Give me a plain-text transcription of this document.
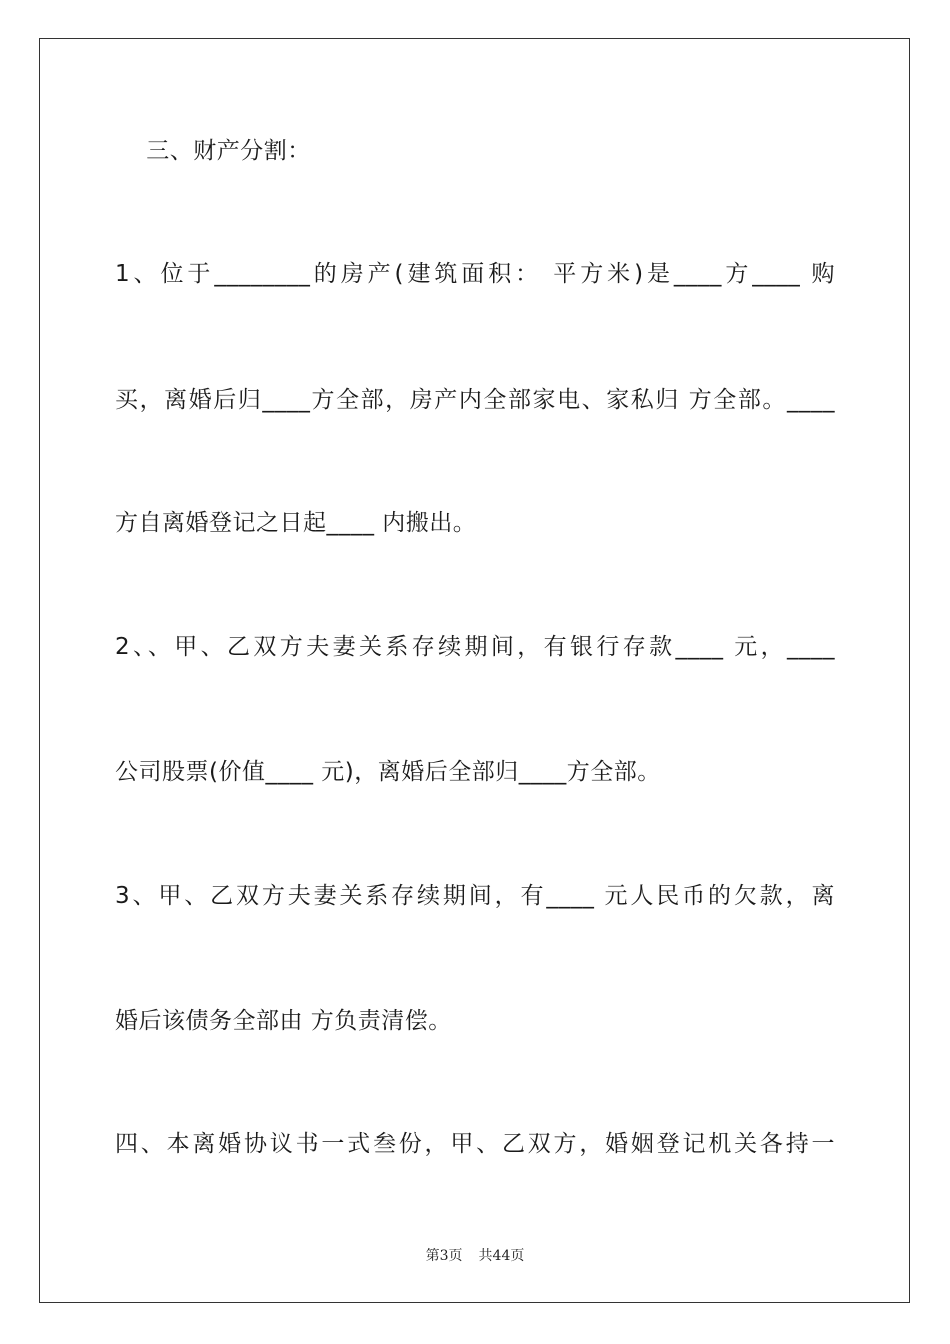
三、财产分割：
1、位于________的房产(建筑面积： 平方米)是____方____ 购
买，离婚后归____方全部，房产内全部家电、家私归 方全部。____
方自离婚登记之日起____ 内搬出。
2、、甲、乙双方夫妻关系存续期间，有银行存款____ 元，____
公司股票(价值____ 元)，离婚后全部归____方全部。
3、甲、乙双方夫妻关系存续期间，有____ 元人民币的欠款，离
婚后该债务全部由 方负责清偿。
四、本离婚协议书一式叁份，甲、乙双方，婚姻登记机关各持一
第3页 共44页
